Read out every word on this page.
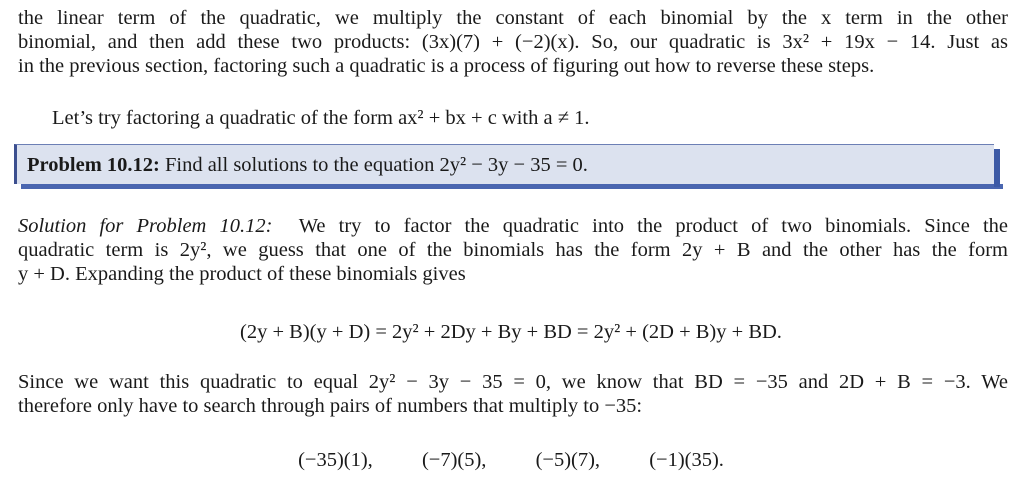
the linear term of the quadratic, we multiply the constant of each binomial by the x term in the other
binomial, and then add these two products: (3x)(7) + (−2)(x). So, our quadratic is 3x² + 19x − 14. Just as
in the previous section, factoring such a quadratic is a process of figuring out how to reverse these steps.
Let’s try factoring a quadratic of the form ax² + bx + c with a ≠ 1.
Problem 10.12: Find all solutions to the equation 2y² − 3y − 35 = 0.
Solution for Problem 10.12: We try to factor the quadratic into the product of two binomials. Since the
quadratic term is 2y², we guess that one of the binomials has the form 2y + B and the other has the form
y + D. Expanding the product of these binomials gives
(2y + B)(y + D) = 2y² + 2Dy + By + BD = 2y² + (2D + B)y + BD.
Since we want this quadratic to equal 2y² − 3y − 35 = 0, we know that BD = −35 and 2D + B = −3. We
therefore only have to search through pairs of numbers that multiply to −35:
(−35)(1), (−7)(5), (−5)(7), (−1)(35).
